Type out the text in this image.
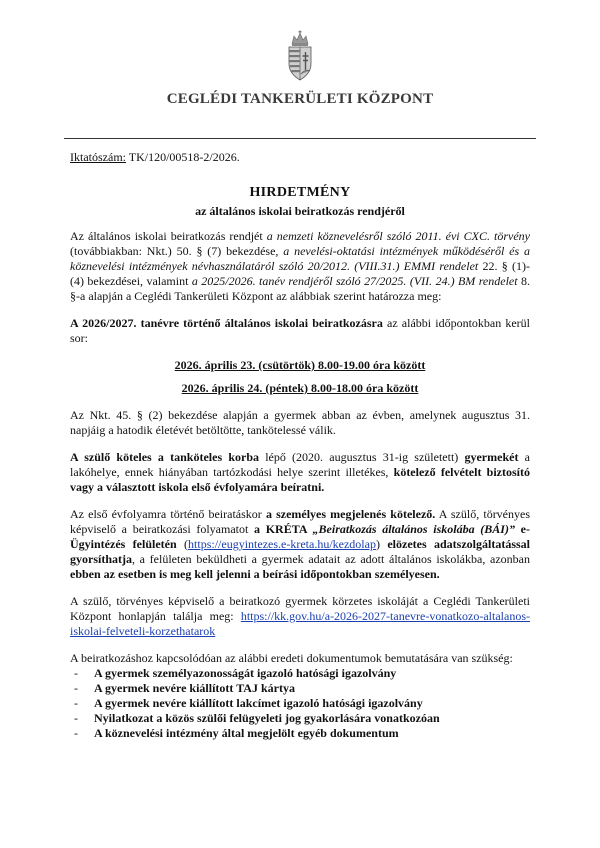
CEGLÉDI TANKERÜLETI KÖZPONT

Iktatószám: TK/120/00518-2/2026.

HIRDETMÉNY
az általános iskolai beiratkozás rendjéről

Az általános iskolai beiratkozás rendjét a nemzeti köznevelésről szóló 2011. évi CXC. törvény (továbbiakban: Nkt.) 50. § (7) bekezdése, a nevelési-oktatási intézmények működéséről és a köznevelési intézmények névhasználatáról szóló 20/2012. (VIII.31.) EMMI rendelet 22. § (1)-(4) bekezdései, valamint a 2025/2026. tanév rendjéről szóló 27/2025. (VII. 24.) BM rendelet 8. §-a alapján a Ceglédi Tankerületi Központ az alábbiak szerint határozza meg:

A 2026/2027. tanévre történő általános iskolai beiratkozásra az alábbi időpontokban kerül sor:

2026. április 23. (csütörtök) 8.00-19.00 óra között

2026. április 24. (péntek) 8.00-18.00 óra között

Az Nkt. 45. § (2) bekezdése alapján a gyermek abban az évben, amelynek augusztus 31. napjáig a hatodik életévét betöltötte, tankötelessé válik.

A szülő köteles a tanköteles korba lépő (2020. augusztus 31-ig született) gyermekét a lakóhelye, ennek hiányában tartózkodási helye szerint illetékes, kötelező felvételt biztosító vagy a választott iskola első évfolyamára beíratni.

Az első évfolyamra történő beiratáskor a személyes megjelenés kötelező. A szülő, törvényes képviselő a beiratkozási folyamatot a KRÉTA „Beiratkozás általános iskolába (BÁI)” e-Ügyintézés felületén (https://eugyintezes.e-kreta.hu/kezdolap) elözetes adatszolgáltatással gyorsíthatja, a felületen beküldheti a gyermek adatait az adott általános iskolákba, azonban ebben az esetben is meg kell jelenni a beírási időpontokban személyesen.

A szülő, törvényes képviselő a beiratkozó gyermek körzetes iskoláját a Ceglédi Tankerületi Központ honlapján találja meg: https://kk.gov.hu/a-2026-2027-tanevre-vonatkozo-altalanos-iskolai-felveteli-korzethatarok

A beiratkozáshoz kapcsolódóan az alábbi eredeti dokumentumok bemutatására van szükség:

- A gyermek személyazonosságát igazoló hatósági igazolvány
- A gyermek nevére kiállított TAJ kártya
- A gyermek nevére kiállított lakcímet igazoló hatósági igazolvány
- Nyilatkozat a közös szülői felügyeleti jog gyakorlására vonatkozóan
- A köznevelési intézmény által megjelölt egyéb dokumentum
